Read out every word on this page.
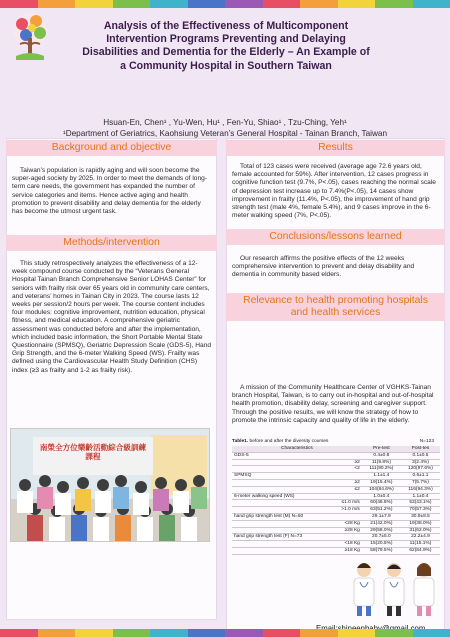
Analysis of the Effectiveness of Multicomponent
Intervention Programs Preventing and Delaying
Disabilities and Dementia for the Elderly – An Example of
a Community Hospital in Southern Taiwan
Hsuan-En, Chen¹ , Yu-Wen, Hu¹ , Fen-Yu, Shiao¹ , Tzu-Ching, Yeh¹
¹Department of Geriatrics, Kaohsiung Veteran’s General Hospital - Tainan Branch, Taiwan
Background and objective
Taiwan’s population is rapidly aging and will soon become the super-aged society by 2025. In order to meet the demands of long-term care needs, the government has expanded the number of service categories and items. Hence active aging and health promotion to prevent disability and delay dementia for the elderly has become the utmost urgent task.
Methods/intervention
This study retrospectively analyzes the effectiveness of a 12-week compound course conducted by the “Veterans General Hospital Tainan Branch Comprehensive Senior LOHAS Center” for seniors with frailty risk over 65 years old in community care centers, and veterans’ homes in Tainan City in 2023. The course lasts 12 weeks per session/2 hours per week. The course content includes four modules: cognitive improvement, nutrition education, physical fitness, and medical education. A comprehensive geriatric assessment was conducted before and after the implementation, which included basic information, the Short Portable Mental State Questionnaire (SPMSQ), Geriatric Depression Scale (GDS-5), Hand Grip Strength, and the 6-meter Walking Speed (WS). Frailty was defined using the Cardiovascular Health Study Definition (CHS) index (≥3 as frailty and 1-2 as frailty risk).
南榮全方位樂齡活動綜合級訓練課程
Results
Total of 123 cases were received (average age 72.6 years old, female accounted for 59%). After intervention, 12 cases progress in cognitive function test (9.7%, P<.05), cases reaching the normal scale of depression test increase up to 7.4%(P<.05), 14 cases show improvement in frailty (11.4%, P<.05), the improvement of hand grip strength test (male 4%, female 5.4%), and 9 cases improve in the 6-meter walking speed (7%, P<.05).
Conclusions/lessons learned
Our research affirms the positive effects of the 12 weeks comprehensive intervention to prevent and delay disability and dementia in community based elders.
Relevance to health promoting hospitals
and health services
A mission of the Community Healthcare Center of VGHKS-Tainan branch Hospital, Taiwan, is to carry out in-hospital and out-of-hospital health promotion, disability delay, screening and caregiver support. Through the positive results, we will know the strategy of how to promote the intrinsic capacity and quality of life in the elderly.
Table1. before and after the diversity courses	N=123
Characteristics		Pre-test	Post-tes
GDS-5		0.4±0.8	0.1±0.5
	≥2	11(9.8%)	3(2.4%)
	<2	111(90.2%)	120(97.6%)
SPMSQ		1.1±1.4	0.6±1.1
	≥2	19(15.4%)	7(5.7%)
	≤2	104(84.6%)	116(94.3%)
6-meter walking speed (WS)		1.0±0.4	1.1±0.4
	≤1.0 m/s	60(48.8%)	53(43.1%)
	>1.0 m/s	63(51.2%)	70(57.3%)
hand grip strength test (M) N=50		29.1±7.9	30.9±8.5
	<28 Kg	21(42.0%)	19(38.0%)
	≥28 Kg	29(58.0%)	31(62.0%)
hand grip strength test (F) N=73		20.7±5.0	22.2±4.9
	<18 Kg	15(20.5%)	11(15.1%)
	≥18 Kg	58(79.5%)	62(84.9%)
